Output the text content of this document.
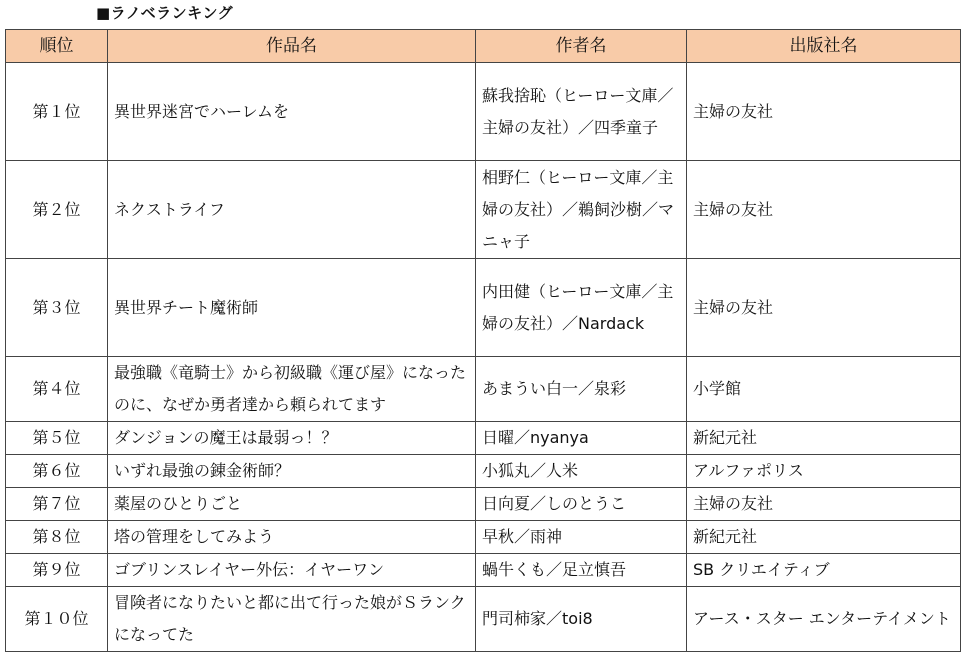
■ラノベランキング
順位	作品名	作者名	出版社名
第１位	異世界迷宮でハーレムを	蘇我捨恥（ヒーロー文庫／主婦の友社）／四季童子	主婦の友社
第２位	ネクストライフ	相野仁（ヒーロー文庫／主婦の友社）／鵜飼沙樹／マニャ子	主婦の友社
第３位	異世界チート魔術師	内田健（ヒーロー文庫／主婦の友社）／Nardack	主婦の友社
第４位	最強職《竜騎士》から初級職《運び屋》になったのに、なぜか勇者達から頼られてます	あまうい白一／泉彩	小学館
第５位	ダンジョンの魔王は最弱っ！？	日曜／nyanya	新紀元社
第６位	いずれ最強の錬金術師？	小狐丸／人米	アルファポリス
第７位	薬屋のひとりごと	日向夏／しのとうこ	主婦の友社
第８位	塔の管理をしてみよう	早秋／雨神	新紀元社
第９位	ゴブリンスレイヤー外伝：イヤーワン	蝸牛くも／足立慎吾	SB クリエイティブ
第１０位	冒険者になりたいと都に出て行った娘がＳランクになってた	門司柿家／toi8	アース・スター エンターテイメント
